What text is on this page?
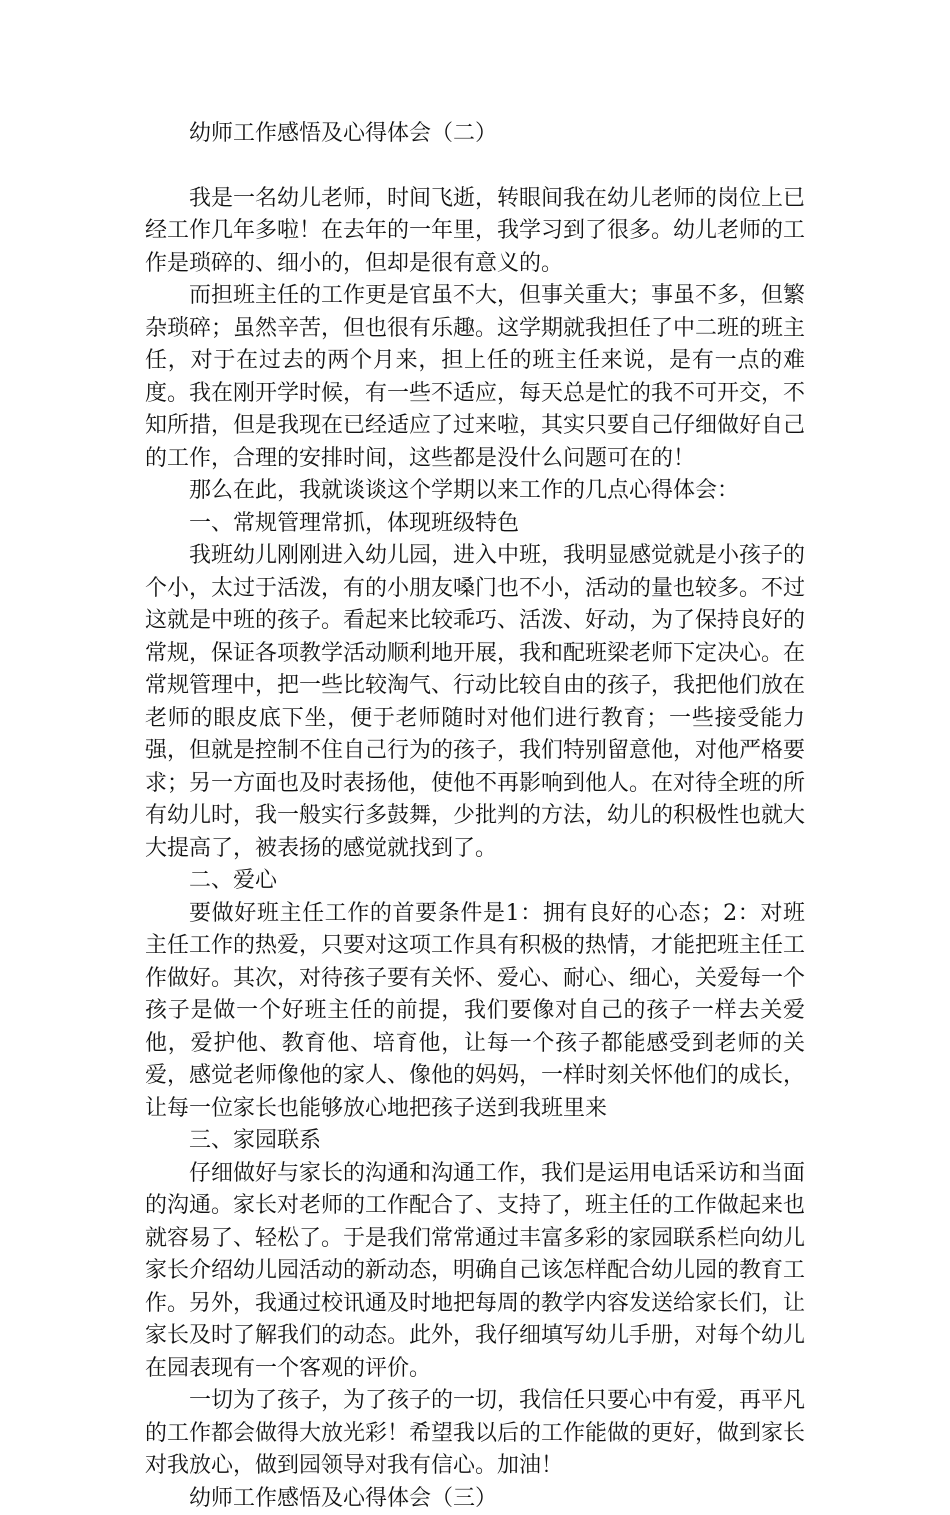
幼师工作感悟及心得体会（二）

我是一名幼儿老师，时间飞逝，转眼间我在幼儿老师的岗位上已经工作几年多啦！在去年的一年里，我学习到了很多。幼儿老师的工作是琐碎的、细小的，但却是很有意义的。

而担班主任的工作更是官虽不大，但事关重大；事虽不多，但繁杂琐碎；虽然辛苦，但也很有乐趣。这学期就我担任了中二班的班主任，对于在过去的两个月来，担上任的班主任来说，是有一点的难度。我在刚开学时候，有一些不适应，每天总是忙的我不可开交，不知所措，但是我现在已经适应了过来啦，其实只要自己仔细做好自己的工作，合理的安排时间，这些都是没什么问题可在的！

那么在此，我就谈谈这个学期以来工作的几点心得体会：

一、常规管理常抓，体现班级特色

我班幼儿刚刚进入幼儿园，进入中班，我明显感觉就是小孩子的个小，太过于活泼，有的小朋友嗓门也不小，活动的量也较多。不过这就是中班的孩子。看起来比较乖巧、活泼、好动，为了保持良好的常规，保证各项教学活动顺利地开展，我和配班梁老师下定决心。在常规管理中，把一些比较淘气、行动比较自由的孩子，我把他们放在老师的眼皮底下坐，便于老师随时对他们进行教育；一些接受能力强，但就是控制不住自己行为的孩子，我们特别留意他，对他严格要求；另一方面也及时表扬他，使他不再影响到他人。在对待全班的所有幼儿时，我一般实行多鼓舞，少批判的方法，幼儿的积极性也就大大提高了，被表扬的感觉就找到了。

二、爱心

要做好班主任工作的首要条件是1：拥有良好的心态；2：对班主任工作的热爱，只要对这项工作具有积极的热情，才能把班主任工作做好。其次，对待孩子要有关怀、爱心、耐心、细心，关爱每一个孩子是做一个好班主任的前提，我们要像对自己的孩子一样去关爱他，爱护他、教育他、培育他，让每一个孩子都能感受到老师的关爱，感觉老师像他的家人、像他的妈妈，一样时刻关怀他们的成长，让每一位家长也能够放心地把孩子送到我班里来

三、家园联系

仔细做好与家长的沟通和沟通工作，我们是运用电话采访和当面的沟通。家长对老师的工作配合了、支持了，班主任的工作做起来也就容易了、轻松了。于是我们常常通过丰富多彩的家园联系栏向幼儿家长介绍幼儿园活动的新动态，明确自己该怎样配合幼儿园的教育工作。另外，我通过校讯通及时地把每周的教学内容发送给家长们，让家长及时了解我们的动态。此外，我仔细填写幼儿手册，对每个幼儿在园表现有一个客观的评价。

一切为了孩子，为了孩子的一切，我信任只要心中有爱，再平凡的工作都会做得大放光彩！希望我以后的工作能做的更好，做到家长对我放心，做到园领导对我有信心。加油！

幼师工作感悟及心得体会（三）
